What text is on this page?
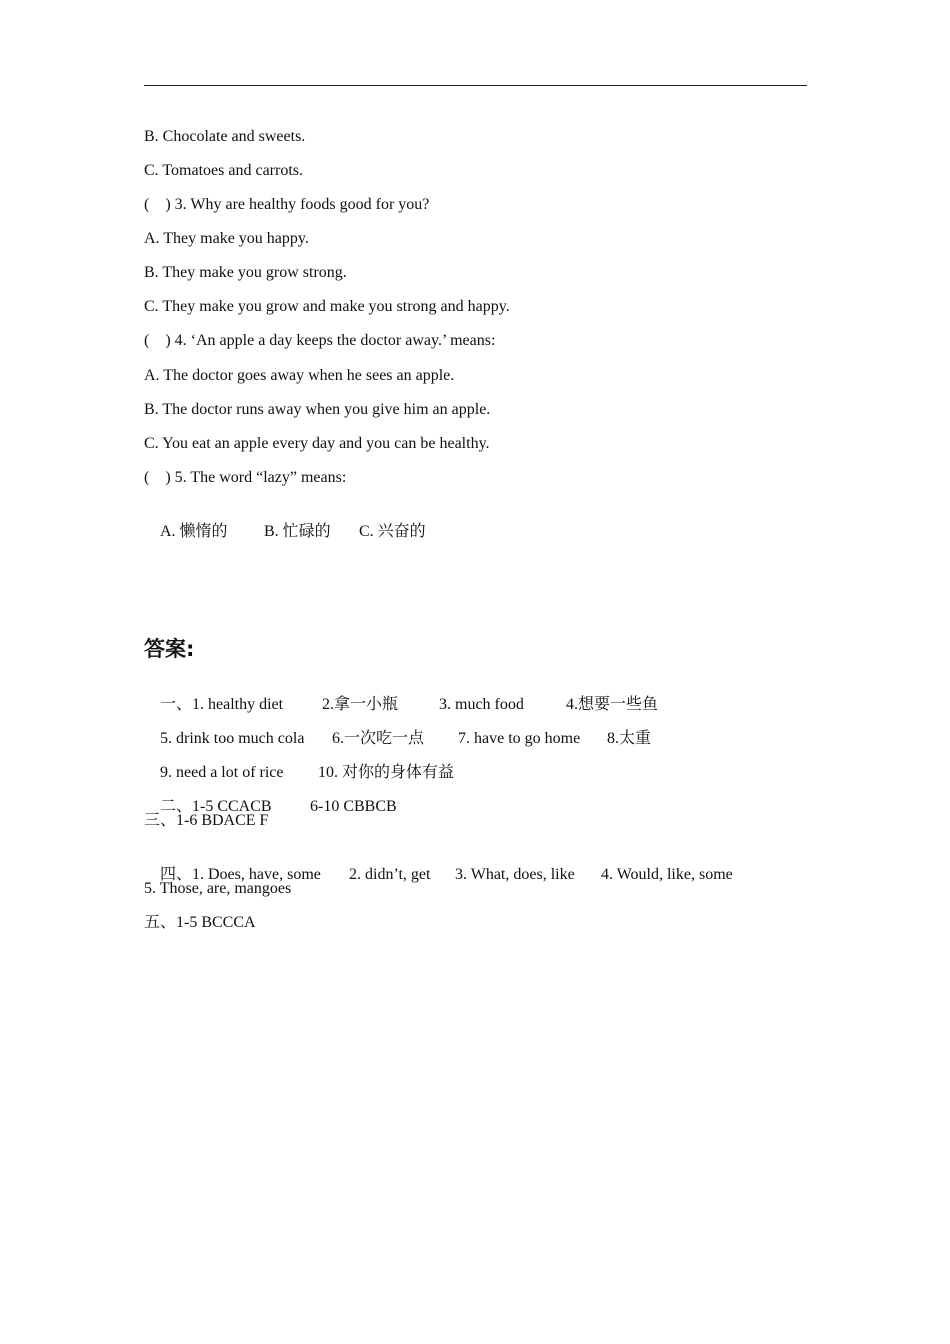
B. Chocolate and sweets.
C. Tomatoes and carrots.
(    ) 3. Why are healthy foods good for you?
A. They make you happy.
B. They make you grow strong.
C. They make you grow and make you strong and happy.
(    ) 4. ‘An apple a day keeps the doctor away.’ means:
A. The doctor goes away when he sees an apple.
B. The doctor runs away when you give him an apple.
C. You eat an apple every day and you can be healthy.
(    ) 5. The word “lazy” means:

A. 懒惰的 B. 忙碌的 C. 兴奋的

答案:

一、1. healthy diet 2.拿一小瓶	3. much food	4.想要一些鱼

5. drink too much cola 6.一次吃一点 7. have to go home 8.太重

9. need a lot of rice 10. 对你的身体有益

二、1-5 CCACB 6-10 CBBCB

三、1-6 BDACE F

四、1. Does, have, some 2. didn’t, get 3. What, does, like 4. Would, like, some

5. Those, are, mangoes
五、1-5 BCCCA
